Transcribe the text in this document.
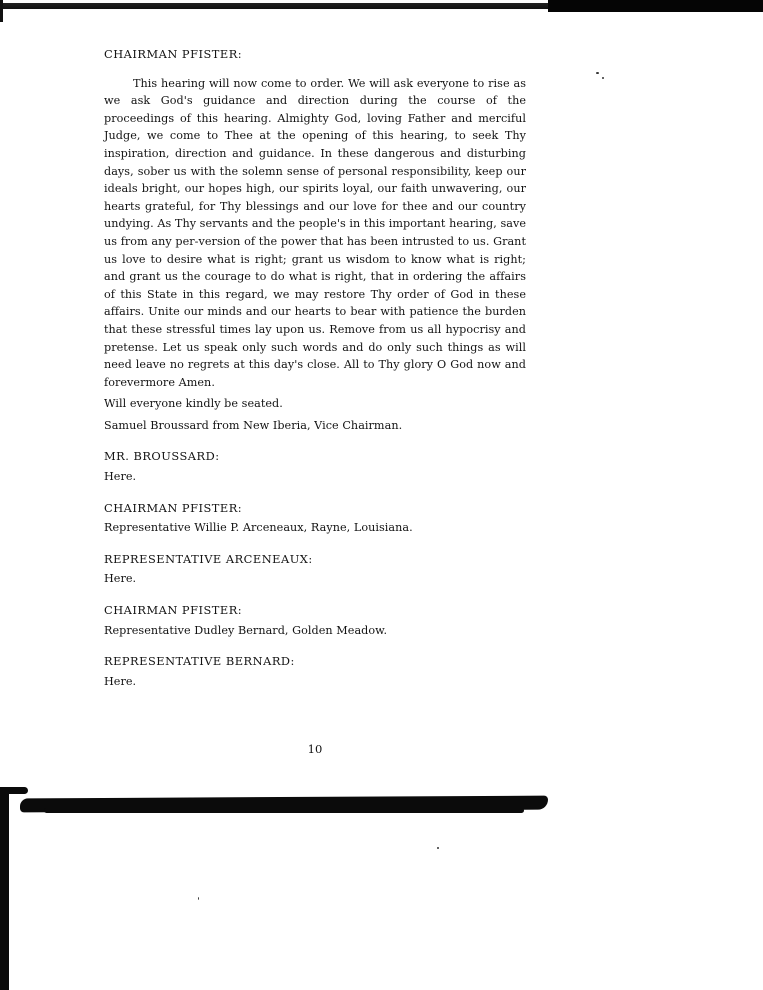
CHAIRMAN PFISTER:

This hearing will now come to order. We will ask everyone to rise as we ask God's guidance and direction during the course of the proceedings of this hearing. Almighty God, loving Father and merciful Judge, we come to Thee at the opening of this hearing, to seek Thy inspiration, direction and guidance. In these dangerous and disturbing days, sober us with the solemn sense of personal responsibility, keep our ideals bright, our hopes high, our spirits loyal, our faith unwavering, our hearts grateful, for Thy blessings and our love for thee and our country undying. As Thy servants and the people's in this important hearing, save us from any per-version of the power that has been intrusted to us. Grant us love to desire what is right; grant us wisdom to know what is right; and grant us the courage to do what is right, that in ordering the affairs of this State in this regard, we may restore Thy order of God in these affairs. Unite our minds and our hearts to bear with patience the burden that these stressful times lay upon us. Remove from us all hypocrisy and pretense. Let us speak only such words and do only such things as will need leave no regrets at this day's close. All to Thy glory O God now and forevermore Amen.

Will everyone kindly be seated.

Samuel Broussard from New Iberia, Vice Chairman.

MR. BROUSSARD:

Here.

CHAIRMAN PFISTER:

Representative Willie P. Arceneaux, Rayne, Louisiana.

REPRESENTATIVE ARCENEAUX:

Here.

CHAIRMAN PFISTER:

Representative Dudley Bernard, Golden Meadow.

REPRESENTATIVE BERNARD:

Here.

10
